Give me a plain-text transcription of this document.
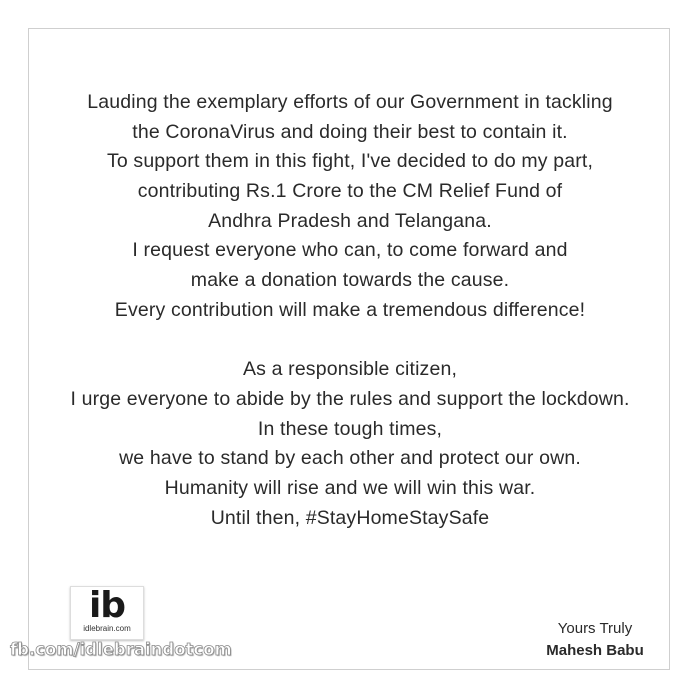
Lauding the exemplary efforts of our Government in tackling
the CoronaVirus and doing their best to contain it.
To support them in this fight, I've decided to do my part,
contributing Rs.1 Crore to the CM Relief Fund of
Andhra Pradesh and Telangana.
I request everyone who can, to come forward and
make a donation towards the cause.
Every contribution will make a tremendous difference!
As a responsible citizen,
I urge everyone to abide by the rules and support the lockdown.
In these tough times,
we have to stand by each other and protect our own.
Humanity will rise and we will win this war.
Until then, #StayHomeStaySafe
Yours Truly
Mahesh Babu
ib
idlebrain.com
fb.com/idlebraindotcom
